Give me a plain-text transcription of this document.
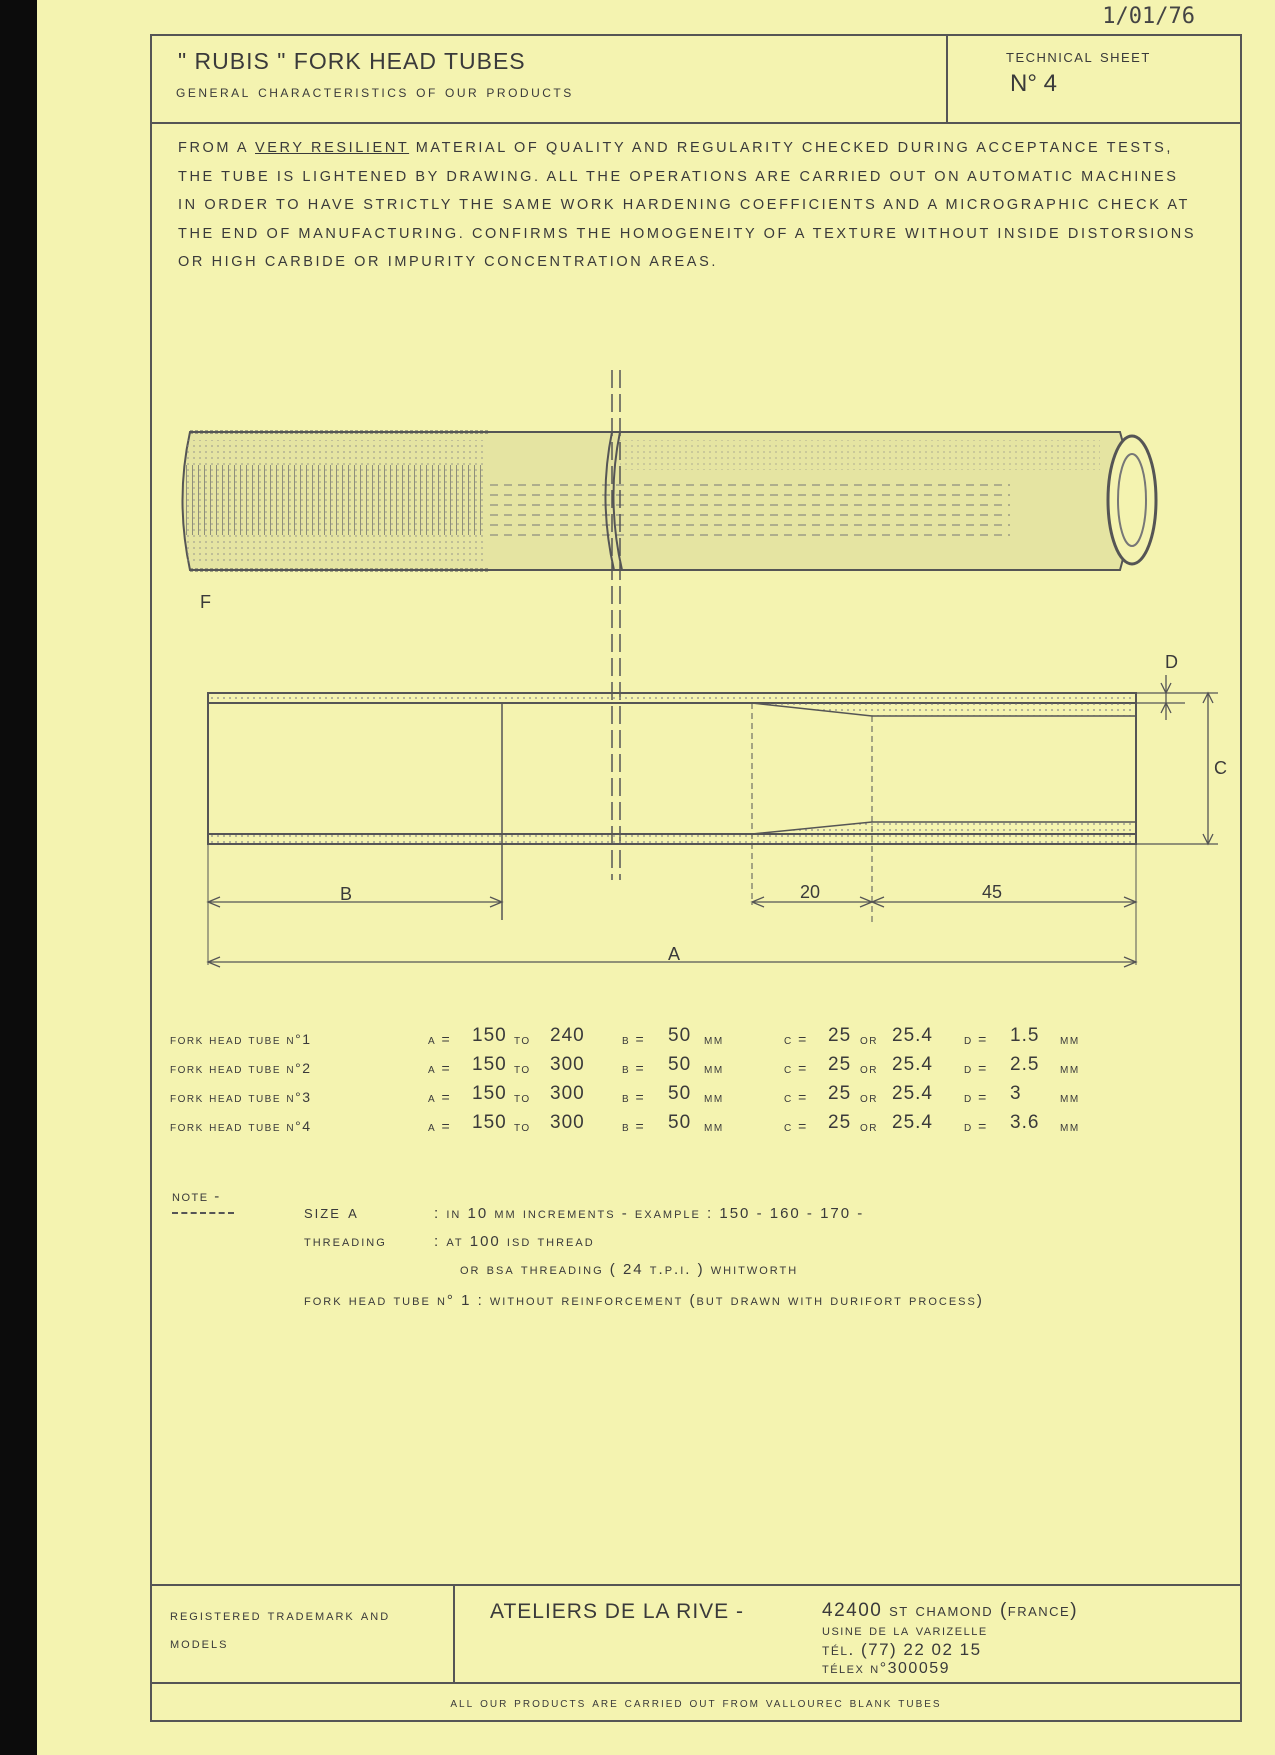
1/01/76
" RUBIS " FORK HEAD TUBES
general characteristics of our products
technical sheet
N° 4
FROM A VERY RESILIENT MATERIAL OF QUALITY AND REGULARITY CHECKED DURING ACCEPTANCE TESTS, THE TUBE IS LIGHTENED BY DRAWING. ALL THE OPERATIONS ARE CARRIED OUT ON AUTOMATIC MACHINES IN ORDER TO HAVE STRICTLY THE SAME WORK HARDENING COEFFICIENTS AND A MICROGRAPHIC CHECK AT THE END OF MANUFACTURING. CONFIRMS THE HOMOGENEITY OF A TEXTURE WITHOUT INSIDE DISTORSIONS OR HIGH CARBIDE OR IMPURITY CONCENTRATION AREAS.
F
D
C
B
A
20	45
fork head tube n°1	a =	150	to	240	b =	50	mm	c =	25	or	25.4	d =	1.5	mm
fork head tube n°2	a =	150	to	300	b =	50	mm	c =	25	or	25.4	d =	2.5	mm
fork head tube n°3	a =	150	to	300	b =	50	mm	c =	25	or	25.4	d =	3	mm
fork head tube n°4	a =	150	to	300	b =	50	mm	c =	25	or	25.4	d =	3.6	mm
note -
size a	: in 10 mm increments - example : 150 - 160 - 170 -
threading	: at 100 isd thread
or bsa threading ( 24 t.p.i. ) whitworth
fork head tube n° 1 : without reinforcement (but drawn with durifort process)
registered trademark and models
ATELIERS DE LA RIVE -	42400 st chamond (france)
usine de la varizelle
tél. (77) 22 02 15
télex n°300059
all our products are carried out from vallourec blank tubes
